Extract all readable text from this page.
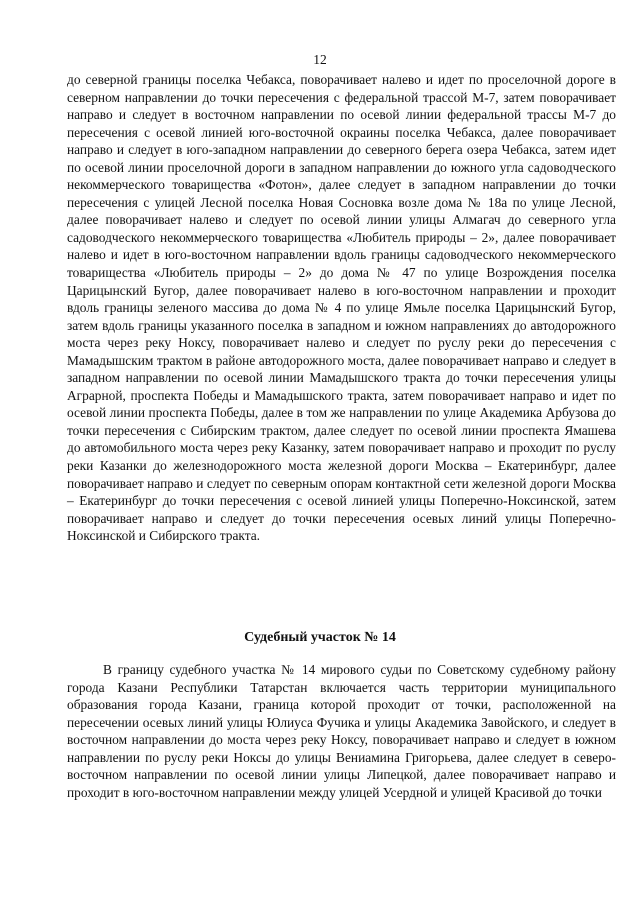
12

до северной границы поселка Чебакса, поворачивает налево и идет по проселочной дороге в северном направлении до точки пересечения с федеральной трассой М-7, затем поворачивает направо и следует в восточном направлении по осевой линии федеральной трассы М-7 до пересечения с осевой линией юго-восточной окраины поселка Чебакса, далее поворачивает направо и следует в юго-западном направлении до северного берега озера Чебакса, затем идет по осевой линии проселочной дороги в западном направлении до южного угла садоводческого некоммерческого товарищества «Фотон», далее следует в западном направлении до точки пересечения с улицей Лесной поселка Новая Сосновка возле дома № 18а по улице Лесной, далее поворачивает налево и следует по осевой линии улицы Алмагач до северного угла садоводческого некоммерческого товарищества «Любитель природы – 2», далее поворачивает налево и идет в юго-восточном направлении вдоль границы садоводческого некоммерческого товарищества «Любитель природы – 2» до дома № 47 по улице Возрождения поселка Царицынский Бугор, далее поворачивает налево в юго-восточном направлении и проходит вдоль границы зеленого массива до дома № 4 по улице Ямьле поселка Царицынский Бугор, затем вдоль границы указанного поселка в западном и южном направлениях до автодорожного моста через реку Ноксу, поворачивает налево и следует по руслу реки до пересечения с Мамадышским трактом в районе автодорожного моста, далее поворачивает направо и следует в западном направлении по осевой линии Мамадышского тракта до точки пересечения улицы Аграрной, проспекта Победы и Мамадышского тракта, затем поворачивает направо и идет по осевой линии проспекта Победы, далее в том же направлении по улице Академика Арбузова до точки пересечения с Сибирским трактом, далее следует по осевой линии проспекта Ямашева до автомобильного моста через реку Казанку, затем поворачивает направо и проходит по руслу реки Казанки до железнодорожного моста железной дороги Москва – Екатеринбург, далее поворачивает направо и следует по северным опорам контактной сети железной дороги Москва – Екатеринбург до точки пересечения с осевой линией улицы Поперечно-Ноксинской, затем поворачивает направо и следует до точки пересечения осевых линий улицы Поперечно-Ноксинской и Сибирского тракта.

Судебный участок № 14

В границу судебного участка № 14 мирового судьи по Советскому судебному району города Казани Республики Татарстан включается часть территории муниципального образования города Казани, граница которой проходит от точки, расположенной на пересечении осевых линий улицы Юлиуса Фучика и улицы Академика Завойского, и следует в восточном направлении до моста через реку Ноксу, поворачивает направо и следует в южном направлении по руслу реки Ноксы до улицы Вениамина Григорьева, далее следует в северо-восточном направлении по осевой линии улицы Липецкой, далее поворачивает направо и проходит в юго-восточном направлении между улицей Усердной и улицей Красивой до точки
